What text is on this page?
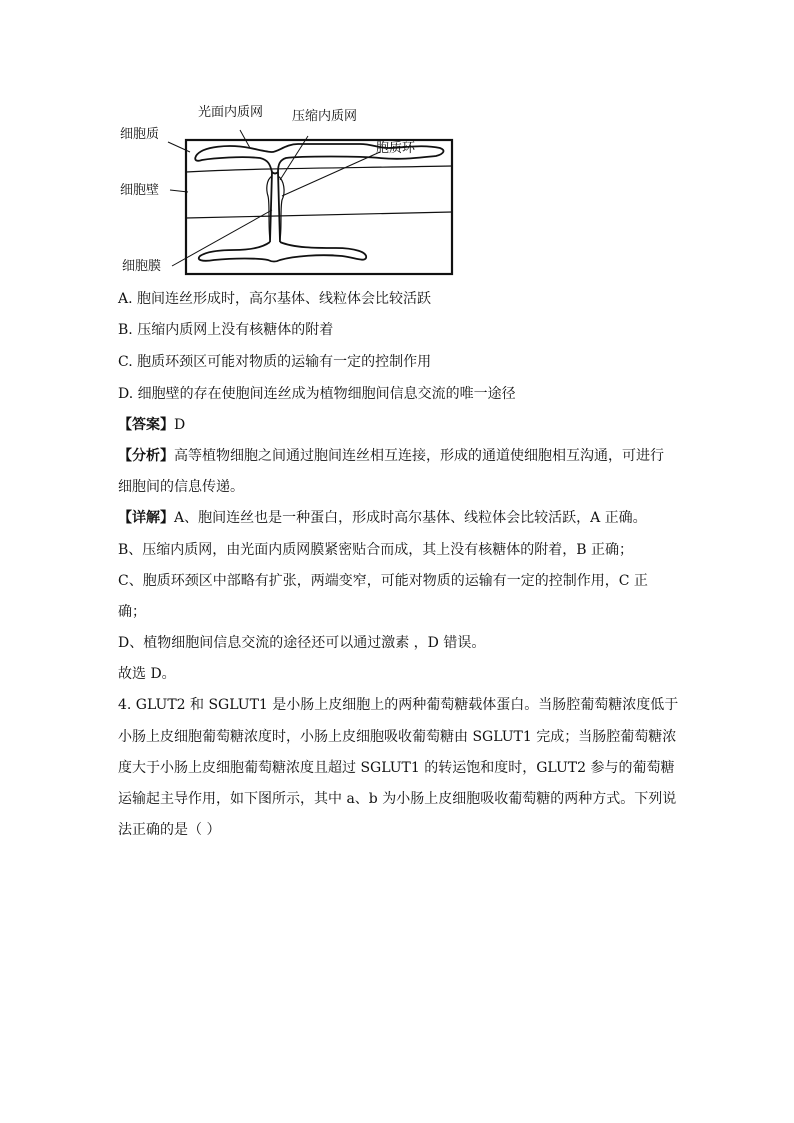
光面内质网 压缩内质网
细胞质
胞质环
细胞壁
细胞膜
A. 胞间连丝形成时，高尔基体、线粒体会比较活跃
B. 压缩内质网上没有核糖体的附着
C. 胞质环颈区可能对物质的运输有一定的控制作用
D. 细胞壁的存在使胞间连丝成为植物细胞间信息交流的唯一途径
【答案】D
【分析】高等植物细胞之间通过胞间连丝相互连接，形成的通道使细胞相互沟通，可进行
细胞间的信息传递。
【详解】A、胞间连丝也是一种蛋白，形成时高尔基体、线粒体会比较活跃，A 正确。
B、压缩内质网，由光面内质网膜紧密贴合而成，其上没有核糖体的附着，B 正确；
C、胞质环颈区中部略有扩张，两端变窄，可能对物质的运输有一定的控制作用，C 正
确；
D、植物细胞间信息交流的途径还可以通过激素 ，D 错误。
故选 D。
4. GLUT2 和 SGLUT1 是小肠上皮细胞上的两种葡萄糖载体蛋白。当肠腔葡萄糖浓度低于
小肠上皮细胞葡萄糖浓度时，小肠上皮细胞吸收葡萄糖由 SGLUT1 完成；当肠腔葡萄糖浓
度大于小肠上皮细胞葡萄糖浓度且超过 SGLUT1 的转运饱和度时，GLUT2 参与的葡萄糖
运输起主导作用，如下图所示，其中 a、b 为小肠上皮细胞吸收葡萄糖的两种方式。下列说
法正确的是（ ）
